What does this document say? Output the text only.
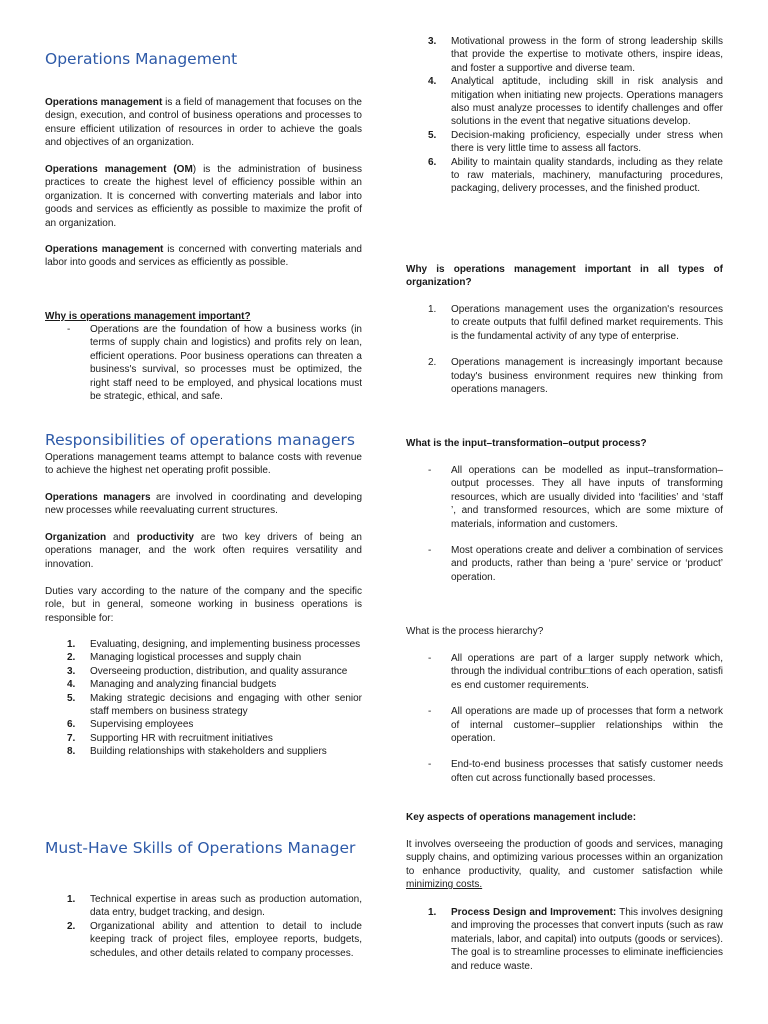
Operations Management

Operations management is a field of management that focuses on the design, execution, and control of business operations and processes to ensure efficient utilization of resources in order to achieve the goals and objectives of an organization.

Operations management (OM) is the administration of business practices to create the highest level of efficiency possible within an organization. It is concerned with converting materials and labor into goods and services as efficiently as possible to maximize the profit of an organization.

Operations management is concerned with converting materials and labor into goods and services as efficiently as possible.

Why is operations management important?
- Operations are the foundation of how a business works (in terms of supply chain and logistics) and profits rely on lean, efficient operations. Poor business operations can threaten a business's survival, so processes must be optimized, the right staff need to be employed, and physical locations must be strategic, ethical, and safe.
Responsibilities of operations managers

Operations management teams attempt to balance costs with revenue to achieve the highest net operating profit possible.

Operations managers are involved in coordinating and developing new processes while reevaluating current structures.

Organization and productivity are two key drivers of being an operations manager, and the work often requires versatility and innovation.

Duties vary according to the nature of the company and the specific role, but in general, someone working in business operations is responsible for:

1. Evaluating, designing, and implementing business processes
2. Managing logistical processes and supply chain
3. Overseeing production, distribution, and quality assurance
4. Managing and analyzing financial budgets
5. Making strategic decisions and engaging with other senior staff members on business strategy
6. Supervising employees
7. Supporting HR with recruitment initiatives
8. Building relationships with stakeholders and suppliers
Must-Have Skills of Operations Manager
1. Technical expertise in areas such as production automation, data entry, budget tracking, and design.
2. Organizational ability and attention to detail to include keeping track of project files, employee reports, budgets, schedules, and other details related to company processes.
3. Motivational prowess in the form of strong leadership skills that provide the expertise to motivate others, inspire ideas, and foster a supportive and diverse team.
4. Analytical aptitude, including skill in risk analysis and mitigation when initiating new projects. Operations managers also must analyze processes to identify challenges and offer solutions in the event that negative situations develop.
5. Decision-making proficiency, especially under stress when there is very little time to assess all factors.
6. Ability to maintain quality standards, including as they relate to raw materials, machinery, manufacturing procedures, packaging, delivery processes, and the finished product.
Why is operations management important in all types of organization?
1. Operations management uses the organization's resources to create outputs that fulfil defined market requirements. This is the fundamental activity of any type of enterprise.
2. Operations management is increasingly important because today's business environment requires new thinking from operations managers.
What is the input–transformation–output process?
- All operations can be modelled as input–transformation–output processes. They all have inputs of transforming resources, which are usually divided into ‘facilities’ and ‘staff ’, and transformed resources, which are some mixture of materials, information and customers.
- Most operations create and deliver a combination of services and products, rather than being a ‘pure’ service or ‘product’ operation.
What is the process hierarchy?
- All operations are part of a larger supply network which, through the individual contribu□tions of each operation, satisfi es end customer requirements.
- All operations are made up of processes that form a network of internal customer–supplier relationships within the operation.
- End-to-end business processes that satisfy customer needs often cut across functionally based processes.
Key aspects of operations management include:

It involves overseeing the production of goods and services, managing supply chains, and optimizing various processes within an organization to enhance productivity, quality, and customer satisfaction while minimizing costs.

1. Process Design and Improvement: This involves designing and improving the processes that convert inputs (such as raw materials, labor, and capital) into outputs (goods or services). The goal is to streamline processes to eliminate inefficiencies and reduce waste.
